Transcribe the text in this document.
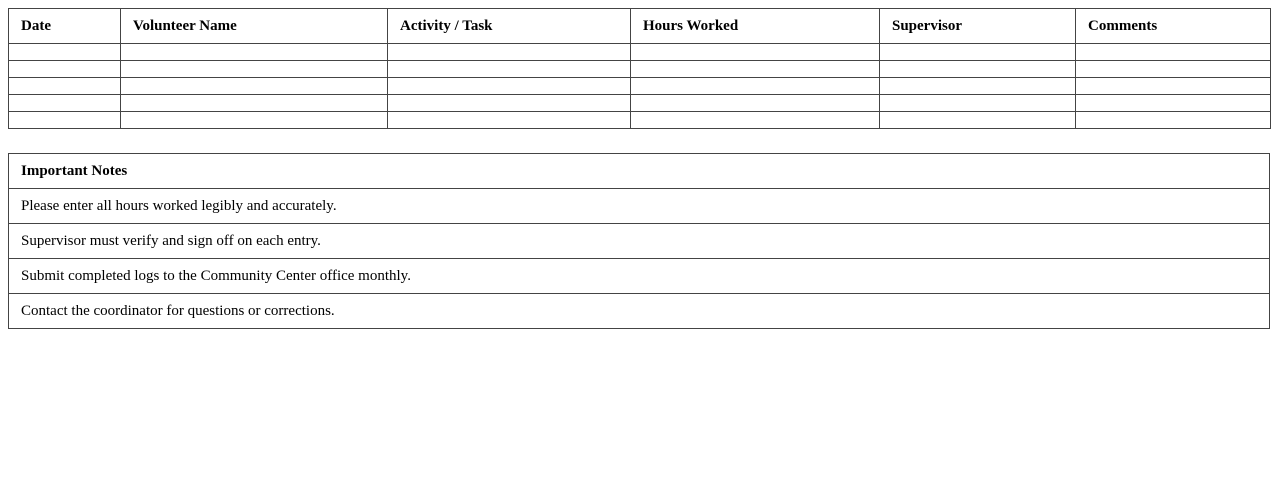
Date	Volunteer Name	Activity / Task	Hours Worked	Supervisor	Comments

Important Notes
Please enter all hours worked legibly and accurately.
Supervisor must verify and sign off on each entry.
Submit completed logs to the Community Center office monthly.
Contact the coordinator for questions or corrections.
